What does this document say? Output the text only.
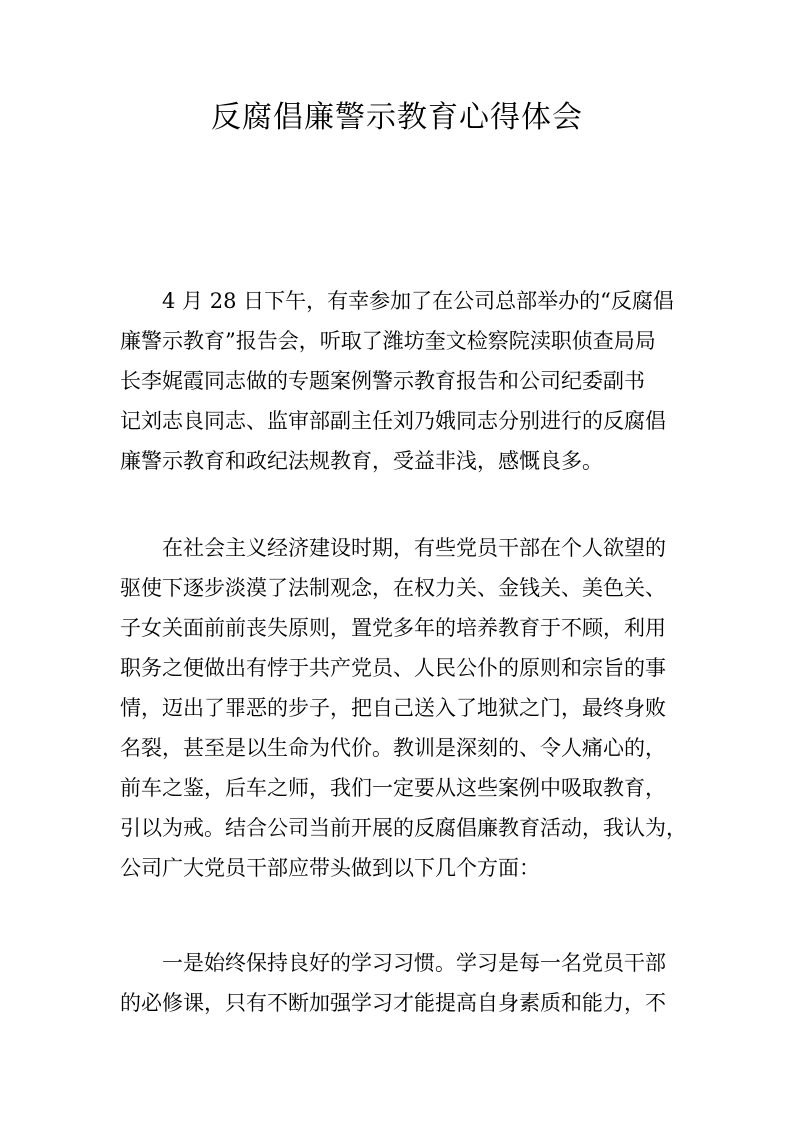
反腐倡廉警示教育心得体会
4 月 28 日下午，有幸参加了在公司总部举办的“反腐倡
廉警示教育”报告会，听取了潍坊奎文检察院渎职侦查局局
长李娓霞同志做的专题案例警示教育报告和公司纪委副书
记刘志良同志、监审部副主任刘乃娥同志分别进行的反腐倡
廉警示教育和政纪法规教育，受益非浅，感慨良多。
在社会主义经济建设时期，有些党员干部在个人欲望的
驱使下逐步淡漠了法制观念，在权力关、金钱关、美色关、
子女关面前前丧失原则，置党多年的培养教育于不顾，利用
职务之便做出有悖于共产党员、人民公仆的原则和宗旨的事
情，迈出了罪恶的步子，把自己送入了地狱之门，最终身败
名裂，甚至是以生命为代价。教训是深刻的、令人痛心的，
前车之鉴，后车之师，我们一定要从这些案例中吸取教育，
引以为戒。结合公司当前开展的反腐倡廉教育活动，我认为，
公司广大党员干部应带头做到以下几个方面：
一是始终保持良好的学习习惯。学习是每一名党员干部
的必修课，只有不断加强学习才能提高自身素质和能力，不
